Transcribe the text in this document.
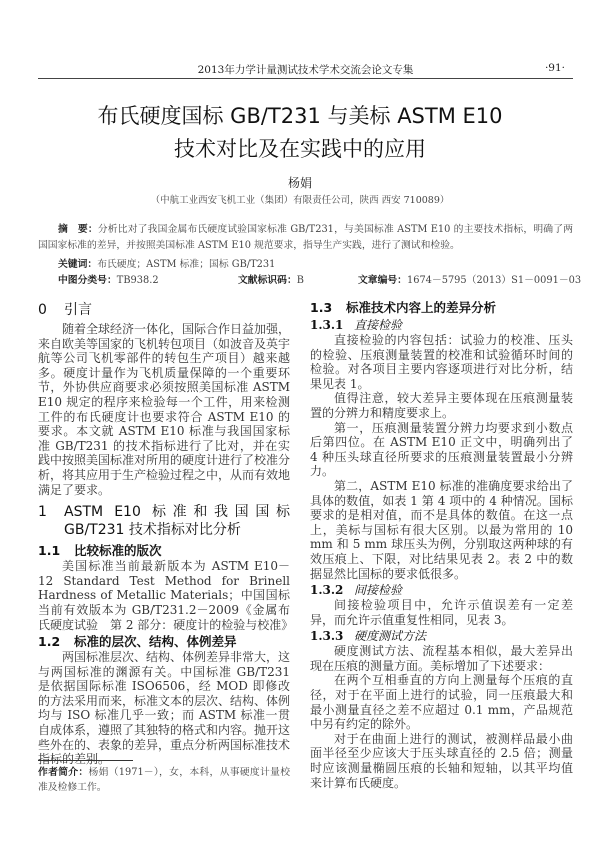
2013年力学计量测试技术学术交流会论文专集	·91·
布氏硬度国标 GB/T231 与美标 ASTM E10
技术对比及在实践中的应用
杨娟
（中航工业西安飞机工业（集团）有限责任公司，陕西 西安 710089）
摘　要：分析比对了我国金属布氏硬度试验国家标准 GB/T231，与美国标准 ASTM E10 的主要技术指标，明确了两国国家标准的差异，并按照美国标准 ASTM E10 规范要求，指导生产实践，进行了测试和检验。
关键词：布氏硬度；ASTM 标准；国标 GB/T231
中图分类号：TB938.2	文献标识码：B	文章编号：1674－5795（2013）S1－0091－03
0	引言

随着全球经济一体化，国际合作日益加强，来自欧美等国家的飞机转包项目（如波音及英宇航等公司飞机零部件的转包生产项目）越来越多。硬度计量作为飞机质量保障的一个重要环节，外协供应商要求必须按照美国标准 ASTM E10 规定的程序来检验每一个工件，用来检测工件的布氏硬度计也要求符合 ASTM E10 的要求。本文就 ASTM E10 标准与我国国家标准 GB/T231 的技术指标进行了比对，并在实践中按照美国标准对所用的硬度计进行了校准分析，将其应用于生产检验过程之中，从而有效地满足了要求。

1	ASTM E10 标准和我国国标 GB/T231 技术指标对比分析
1.1 比较标准的版次

美国标准当前最新版本为 ASTM E10－12 Standard Test Method for Brinell Hardness of Metallic Materials；中国国标当前有效版本为 GB/T231.2－2009《金属布氏硬度试验　第 2 部分：硬度计的检验与校准》

1.2 标准的层次、结构、体例差异

两国标准层次、结构、体例差异非常大，这与两国标准的渊源有关。中国标准 GB/T231 是依据国际标准 ISO6506，经 MOD 即修改的方法采用而来，标准文本的层次、结构、体例均与 ISO 标准几乎一致；而 ASTM 标准一贯自成体系，遵照了其独特的格式和内容。抛开这些外在的、表象的差异，重点分析两国标准技术指标的差别。

作者简介：杨娟（1971－），女，本科，从事硬度计量校准及检修工作。
1.3 标准技术内容上的差异分析
1.3.1 直接检验

直接检验的内容包括：试验力的校准、压头的检验、压痕测量装置的校准和试验循环时间的检验。对各项目主要内容逐项进行对比分析，结果见表 1。

值得注意，较大差异主要体现在压痕测量装置的分辨力和精度要求上。

第一，压痕测量装置分辨力均要求到小数点后第四位。在 ASTM E10 正文中，明确列出了 4 种压头球直径所要求的压痕测量装置最小分辨力。

第二，ASTM E10 标准的准确度要求给出了具体的数值，如表 1 第 4 项中的 4 种情况。国标要求的是相对值，而不是具体的数值。在这一点上，美标与国标有很大区别。以最为常用的 10 mm 和 5 mm 球压头为例，分别取这两种球的有效压痕上、下限，对比结果见表 2。表 2 中的数据显然比国标的要求低很多。

1.3.2 间接检验

间接检验项目中，允许示值误差有一定差异，而允许示值重复性相同，见表 3。

1.3.3 硬度测试方法

硬度测试方法、流程基本相似，最大差异出现在压痕的测量方面。美标增加了下述要求：

在两个互相垂直的方向上测量每个压痕的直径，对于在平面上进行的试验，同一压痕最大和最小测量直径之差不应超过 0.1 mm，产品规范中另有约定的除外。

对于在曲面上进行的测试，被测样品最小曲面半径至少应该大于压头球直径的 2.5 倍；测量时应该测量椭圆压痕的长轴和短轴，以其平均值来计算布氏硬度。
